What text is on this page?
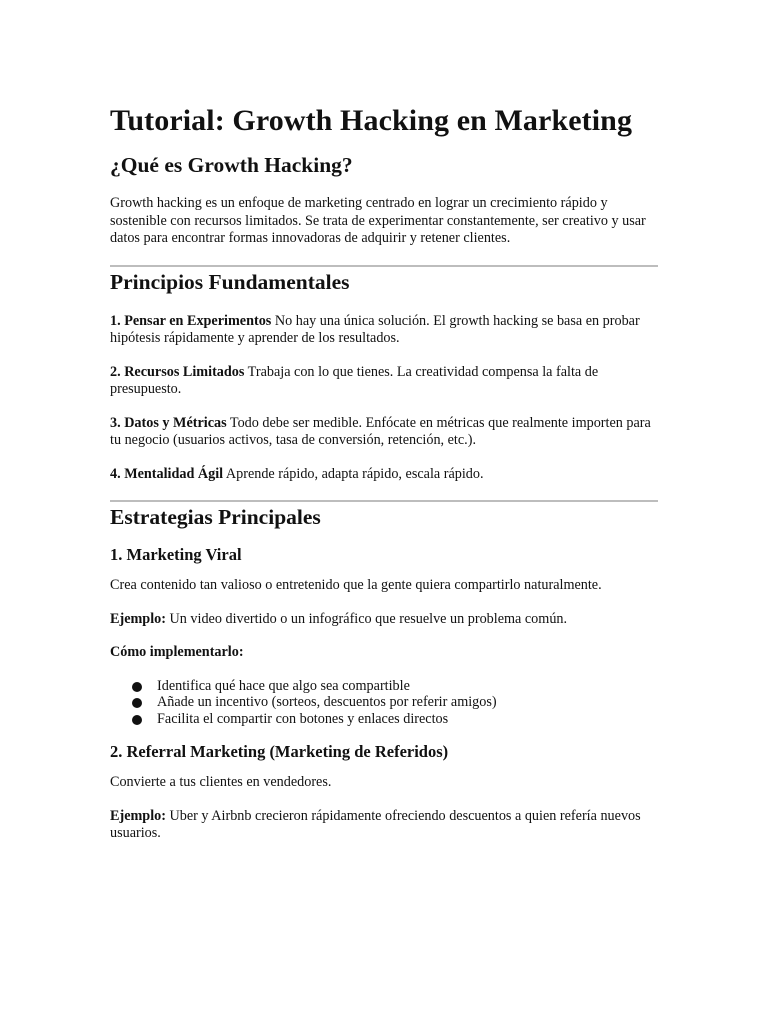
Tutorial: Growth Hacking en Marketing
¿Qué es Growth Hacking?

Growth hacking es un enfoque de marketing centrado en lograr un crecimiento rápido y sostenible con recursos limitados. Se trata de experimentar constantemente, ser creativo y usar datos para encontrar formas innovadoras de adquirir y retener clientes.

Principios Fundamentales

1. Pensar en Experimentos No hay una única solución. El growth hacking se basa en probar hipótesis rápidamente y aprender de los resultados.

2. Recursos Limitados Trabaja con lo que tienes. La creatividad compensa la falta de presupuesto.

3. Datos y Métricas Todo debe ser medible. Enfócate en métricas que realmente importen para tu negocio (usuarios activos, tasa de conversión, retención, etc.).

4. Mentalidad Ágil Aprende rápido, adapta rápido, escala rápido.

Estrategias Principales
1. Marketing Viral

Crea contenido tan valioso o entretenido que la gente quiera compartirlo naturalmente.

Ejemplo: Un video divertido o un infográfico que resuelve un problema común.

Cómo implementarlo:

Identifica qué hace que algo sea compartible
Añade un incentivo (sorteos, descuentos por referir amigos)
Facilita el compartir con botones y enlaces directos
2. Referral Marketing (Marketing de Referidos)

Convierte a tus clientes en vendedores.

Ejemplo: Uber y Airbnb crecieron rápidamente ofreciendo descuentos a quien refería nuevos usuarios.
